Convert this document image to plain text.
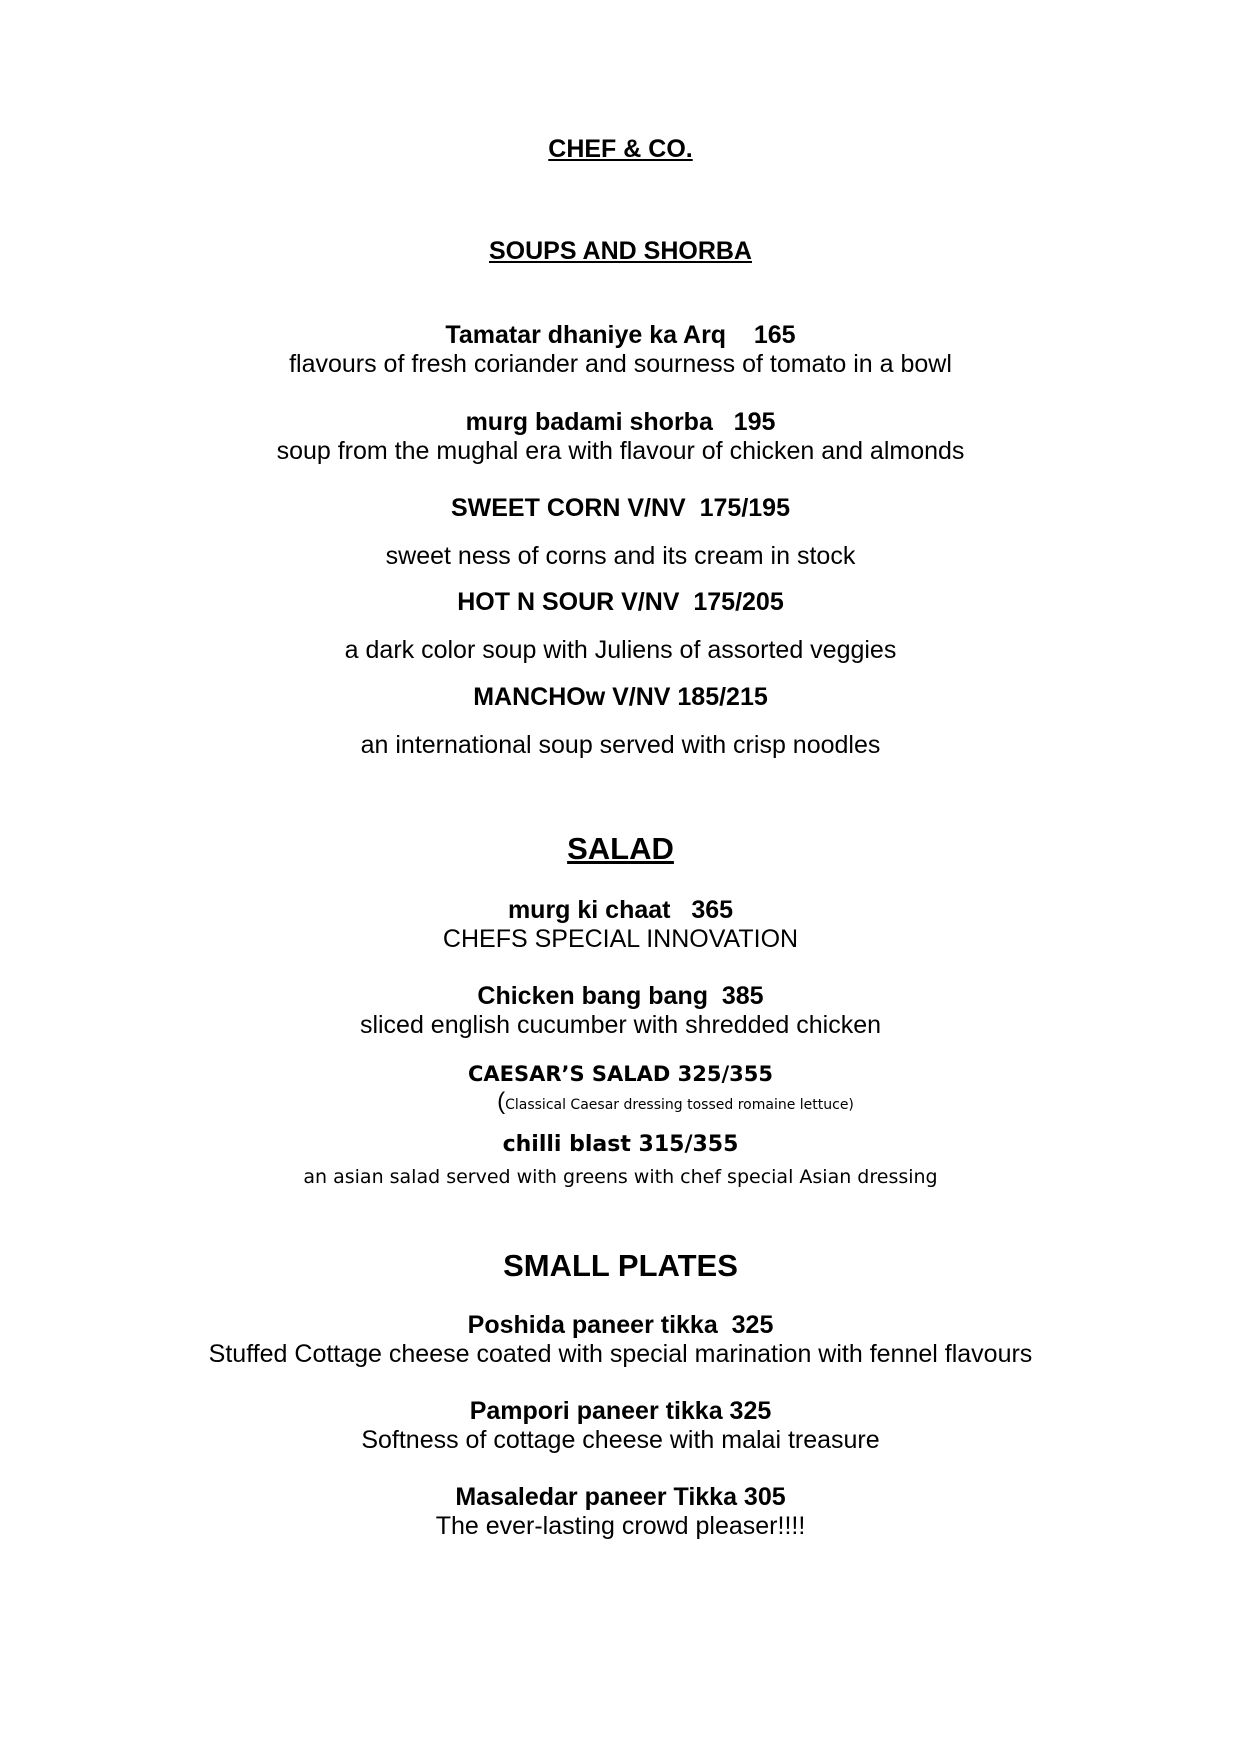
CHEF & CO.

SOUPS AND SHORBA

Tamatar dhaniye ka Arq    165

flavours of fresh coriander and sourness of tomato in a bowl

murg badami shorba   195

soup from the mughal era with flavour of chicken and almonds

SWEET CORN V/NV  175/195

sweet ness of corns and its cream in stock

HOT N SOUR V/NV  175/205

a dark color soup with Juliens of assorted veggies

MANCHOw V/NV 185/215

an international soup served with crisp noodles

SALAD

murg ki chaat   365

CHEFS SPECIAL INNOVATION

Chicken bang bang  385

sliced english cucumber with shredded chicken

CAESAR’S SALAD 325/355

(Classical Caesar dressing tossed romaine lettuce)

chilli blast 315/355

an asian salad served with greens with chef special Asian dressing

SMALL PLATES

Poshida paneer tikka  325

Stuffed Cottage cheese coated with special marination with fennel flavours

Pampori paneer tikka 325

Softness of cottage cheese with malai treasure

Masaledar paneer Tikka 305

The ever-lasting crowd pleaser!!!!
